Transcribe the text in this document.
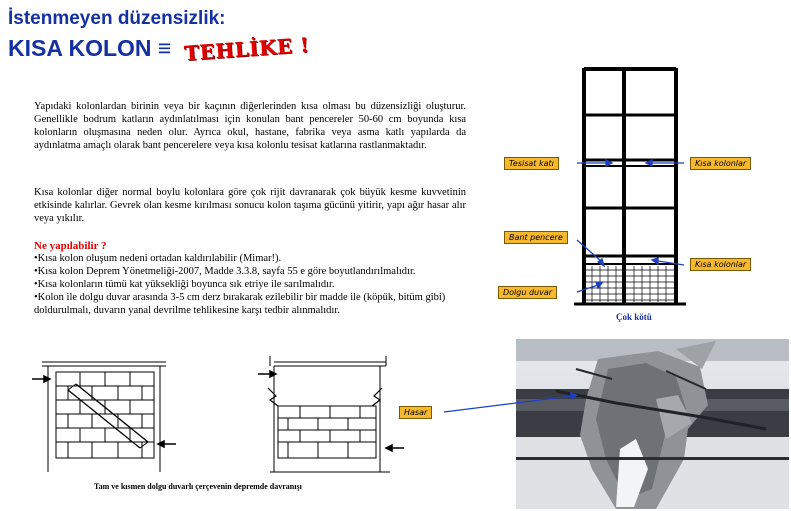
İstenmeyen düzensizlik:
KISA KOLON ≡ TEHLİKE !
Yapıdaki kolonlardan birinin veya bir kaçının diğerlerinden kısa olması bu düzensizliği oluşturur. Genellikle bodrum katların aydınlatılması için konulan bant pencereler 50-60 cm boyunda kısa kolonların oluşmasına neden olur. Ayrıca okul, hastane, fabrika veya asma katlı yapılarda da aydınlatma amaçlı olarak bant pencerelere veya kısa kolonlu tesisat katlarına rastlanmaktadır.
Kısa kolonlar diğer normal boylu kolonlara göre çok rijit davranarak çok büyük kesme kuvvetinin etkisinde kalırlar. Gevrek olan kesme kırılması sonucu kolon taşıma gücünü yitirir, yapı ağır hasar alır veya yıkılır.
Ne yapılabilir ?
•Kısa kolon oluşum nedeni ortadan kaldırılabilir (Mimar!).
•Kısa kolon Deprem Yönetmeliği-2007, Madde 3.3.8, sayfa 55 e göre boyutlandırılmalıdır.
•Kısa kolonların tümü kat yüksekliği boyunca sık etriye ile sarılmalıdır.
•Kolon ile dolgu duvar arasında 3-5 cm derz bırakarak ezilebilir bir madde ile (köpük, bitüm gibi) doldurulmalı, duvarın yanal devrilme tehlikesine karşı tedbir alınmalıdır.
Tesisat katı	Kısa kolonlar
Bant pencere
Kısa kolonlar
Dolgu duvar
Çok kötü
Tam ve kısmen dolgu duvarlı çerçevenin depremde davranışı
Hasar
